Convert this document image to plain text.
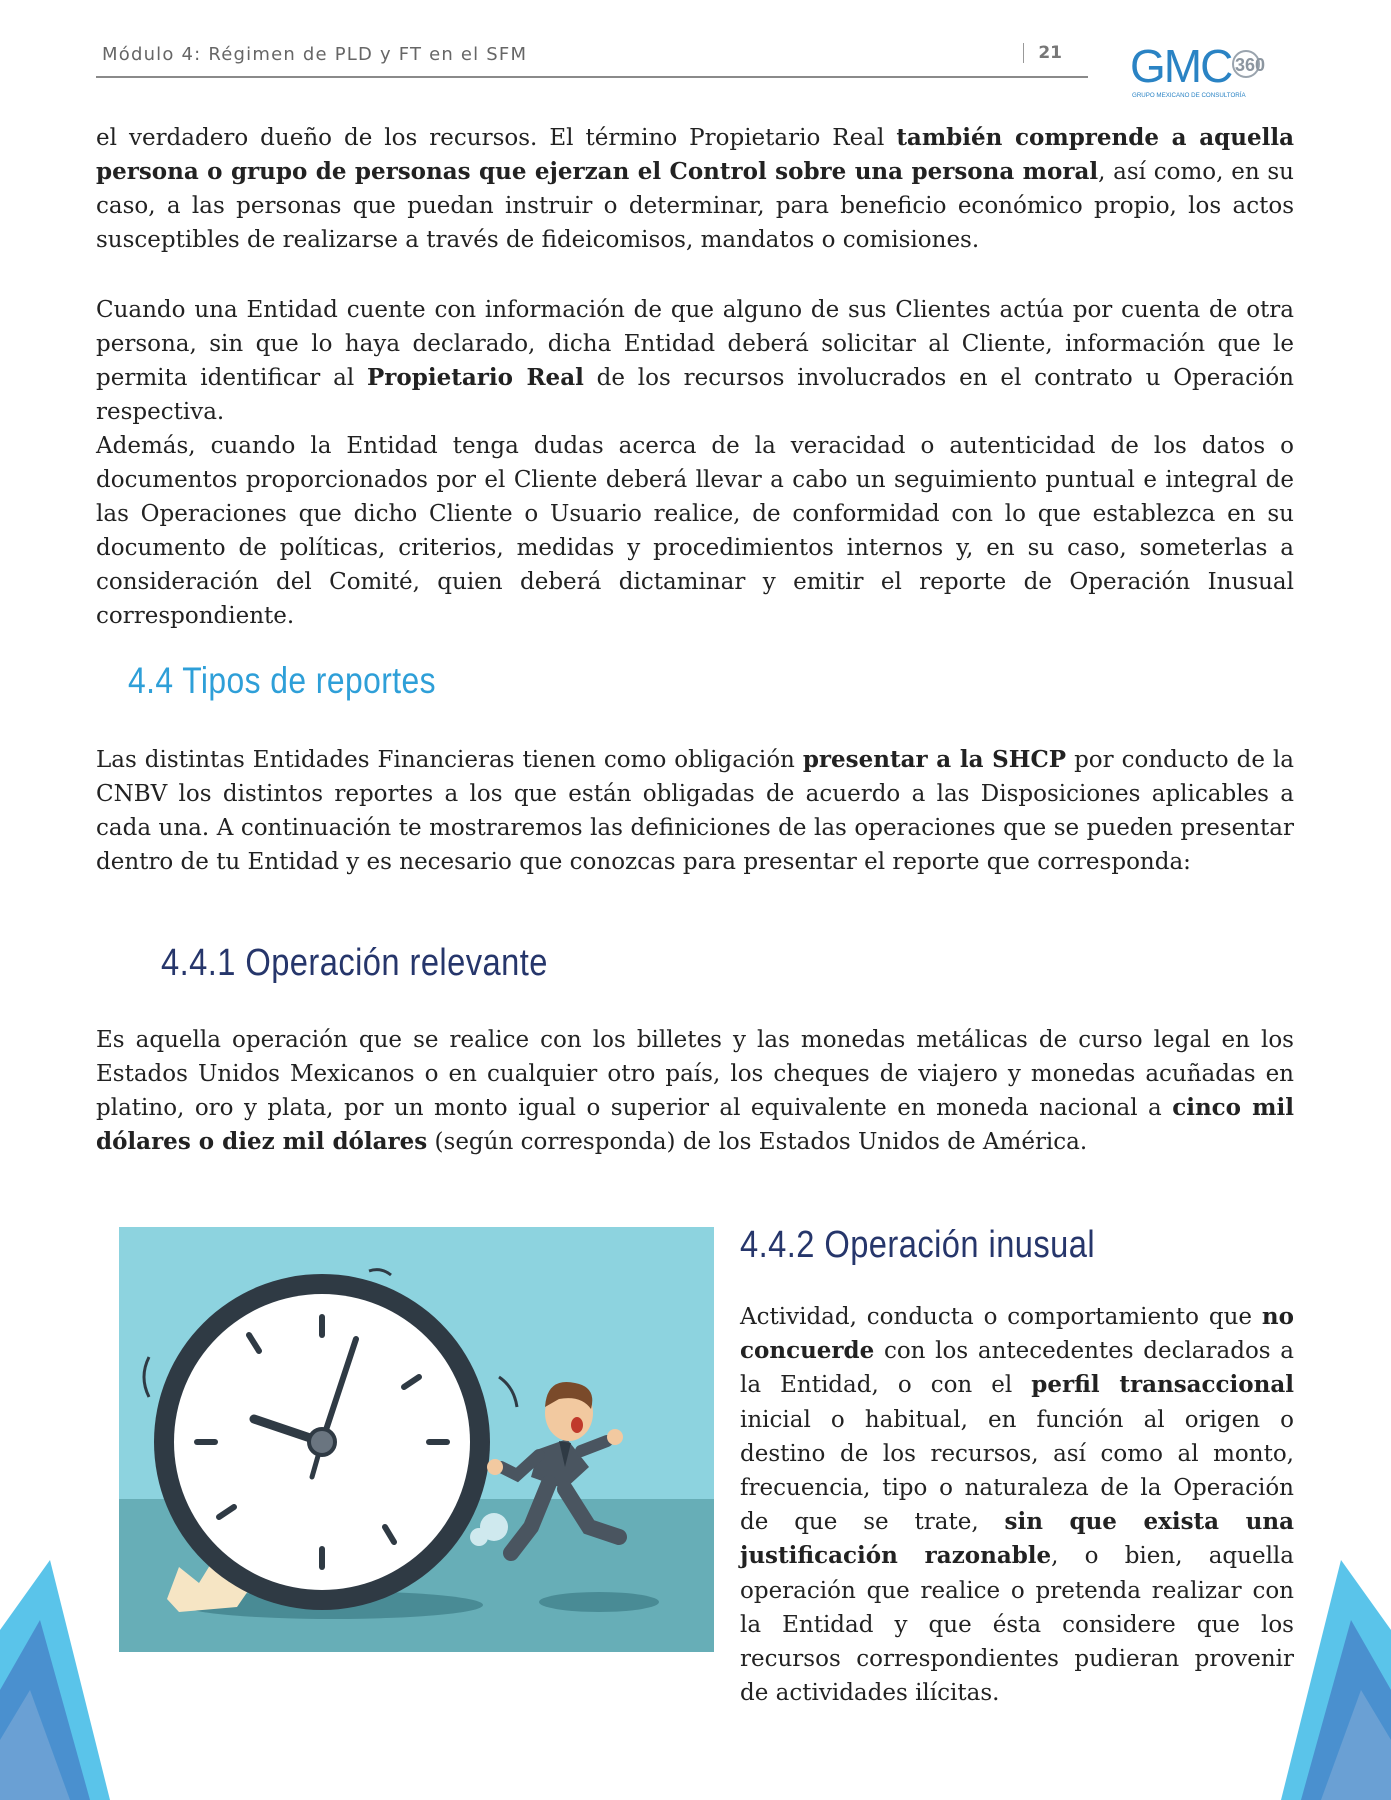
Módulo 4: Régimen de PLD y FT en el SFM	21 GMC 360
GRUPO MEXICANO DE CONSULTORÍA

el verdadero dueño de los recursos. El término Propietario Real también comprende a aquella persona o grupo de personas que ejerzan el Control sobre una persona moral, así como, en su caso, a las personas que puedan instruir o determinar, para beneficio económico propio, los actos susceptibles de realizarse a través de fideicomisos, mandatos o comisiones.

Cuando una Entidad cuente con información de que alguno de sus Clientes actúa por cuenta de otra persona, sin que lo haya declarado, dicha Entidad deberá solicitar al Cliente, información que le permita identificar al Propietario Real de los recursos involucrados en el contrato u Operación respectiva.

Además, cuando la Entidad tenga dudas acerca de la veracidad o autenticidad de los datos o documentos proporcionados por el Cliente deberá llevar a cabo un seguimiento puntual e integral de las Operaciones que dicho Cliente o Usuario realice, de conformidad con lo que establezca en su documento de políticas, criterios, medidas y procedimientos internos y, en su caso, someterlas a consideración del Comité, quien deberá dictaminar y emitir el reporte de Operación Inusual correspondiente.

4.4 Tipos de reportes

Las distintas Entidades Financieras tienen como obligación presentar a la SHCP por conducto de la CNBV los distintos reportes a los que están obligadas de acuerdo a las Disposiciones aplicables a cada una. A continuación te mostraremos las definiciones de las operaciones que se pueden presentar dentro de tu Entidad y es necesario que conozcas para presentar el reporte que corresponda:

4.4.1 Operación relevante

Es aquella operación que se realice con los billetes y las monedas metálicas de curso legal en los Estados Unidos Mexicanos o en cualquier otro país, los cheques de viajero y monedas acuñadas en platino, oro y plata, por un monto igual o superior al equivalente en moneda nacional a cinco mil dólares o diez mil dólares (según corresponda) de los Estados Unidos de América.

4.4.2 Operación inusual

Actividad, conducta o comportamiento que no concuerde con los antecedentes declarados a la Entidad, o con el perfil transaccional inicial o habitual, en función al origen o destino de los recursos, así como al monto, frecuencia, tipo o naturaleza de la Operación de que se trate, sin que exista una justificación razonable, o bien, aquella operación que realice o pretenda realizar con la Entidad y que ésta considere que los recursos correspondientes pudieran provenir de actividades ilícitas.
